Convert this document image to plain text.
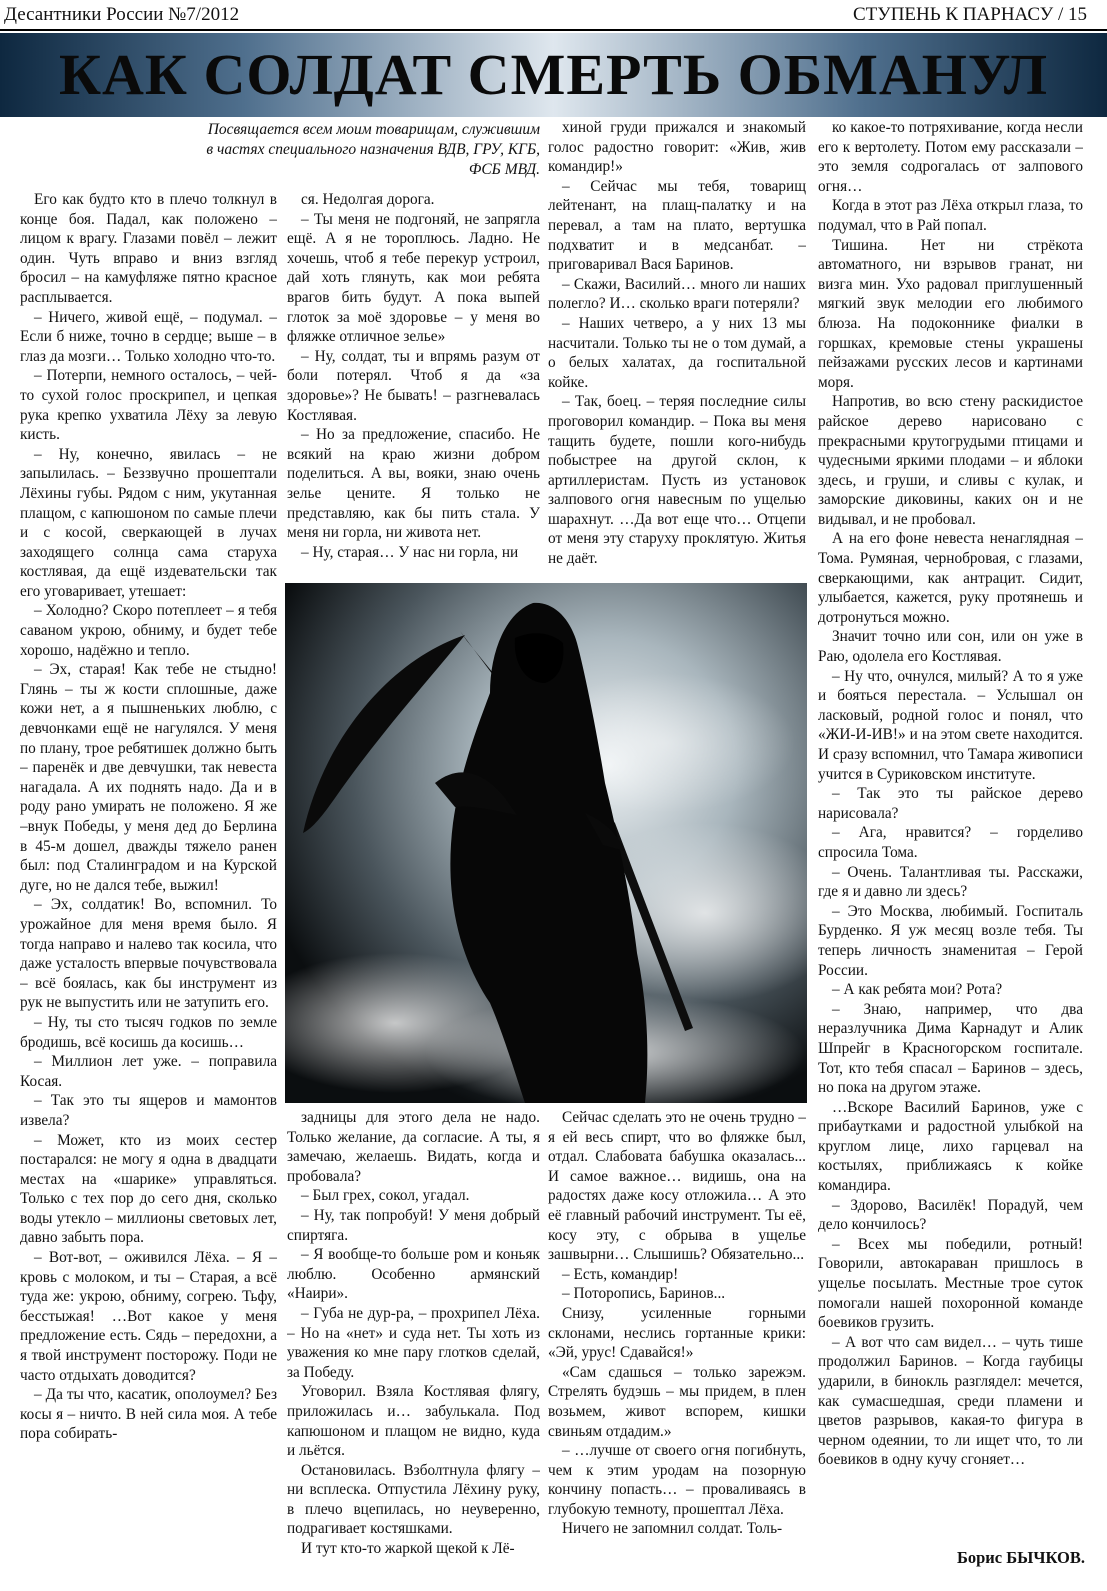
Десантники России №7/2012	СТУПЕНЬ К ПАРНАСУ / 15
КАК СОЛДАТ СМЕРТЬ ОБМАНУЛ
Посвящается всем моим товарищам, служившим в частях специального назначения ВДВ, ГРУ, КГБ, ФСБ МВД.

Его как будто кто в плечо толкнул в конце боя. Падал, как положено – лицом к врагу. Глазами повёл – лежит один. Чуть вправо и вниз взгляд бросил – на камуфляже пятно красное расплывается.

– Ничего, живой ещё, – подумал. – Если б ниже, точно в сердце; выше – в глаз да мозги… Только холодно что-то.

– Потерпи, немного осталось, – чей-то сухой голос проскрипел, и цепкая рука крепко ухватила Лёху за левую кисть.

– Ну, конечно, явилась – не запылилась. – Беззвучно прошептали Лёхины губы. Рядом с ним, укутанная плащом, с капюшоном по самые плечи и с косой, сверкающей в лучах заходящего солнца сама старуха костлявая, да ещё издевательски так его уговаривает, утешает:

– Холодно? Скоро потеплеет – я тебя саваном укрою, обниму, и будет тебе хорошо, надёжно и тепло.

– Эх, старая! Как тебе не стыдно! Глянь – ты ж кости сплошные, даже кожи нет, а я пышненьких люблю, с девчонками ещё не нагулялся. У меня по плану, трое ребятишек должно быть – паренёк и две девчушки, так невеста нагадала. А их поднять надо. Да и в роду рано умирать не положено. Я же –внук Победы, у меня дед до Берлина в 45-м дошел, дважды тяжело ранен был: под Сталинградом и на Курской дуге, но не дался тебе, выжил!

– Эх, солдатик! Во, вспомнил. То урожайное для меня время было. Я тогда направо и налево так косила, что даже усталость впервые почувствовала – всё боялась, как бы инструмент из рук не выпустить или не затупить его.

– Ну, ты сто тысяч годков по земле бродишь, всё косишь да косишь…

– Миллион лет уже. – поправила Косая.

– Так это ты ящеров и мамонтов извела?

– Может, кто из моих сестер постарался: не могу я одна в двадцати местах на «шарике» управляться. Только с тех пор до сего дня, сколько воды утекло – миллионы световых лет, давно забыть пора.

– Вот-вот, – оживился Лёха. – Я – кровь с молоком, и ты – Старая, а всё туда же: укрою, обниму, согрею. Тьфу, бесстыжая! …Вот какое у меня предложение есть. Сядь – передохни, а я твой инструмент посторожу. Поди не часто отдыхать доводится?

– Да ты что, касатик, ополоумел? Без косы я – ничто. В ней сила моя. А тебе пора собирать-

ся. Недолгая дорога.

– Ты меня не подгоняй, не запрягла ещё. А я не тороплюсь. Ладно. Не хочешь, чтоб я тебе перекур устроил, дай хоть глянуть, как мои ребята врагов бить будут. А пока выпей глоток за моё здоровье – у меня во фляжке отличное зелье»

– Ну, солдат, ты и впрямь разум от боли потерял. Чтоб я да «за здоровье»? Не бывать! – разгневалась Костлявая.

– Но за предложение, спасибо. Не всякий на краю жизни добром поделиться. А вы, вояки, знаю очень зелье цените. Я только не представляю, как бы пить стала. У меня ни горла, ни живота нет.

– Ну, старая… У нас ни горла, ни

хиной груди прижался и знакомый голос радостно говорит: «Жив, жив командир!»

– Сейчас мы тебя, товарищ лейтенант, на плащ-палатку и на перевал, а там на плато, вертушка подхватит и в медсанбат. – приговаривал Вася Баринов.

– Скажи, Василий… много ли наших полегло? И… сколько враги потеряли?

– Наших четверо, а у них 13 мы насчитали. Только ты не о том думай, а о белых халатах, да госпитальной койке.

– Так, боец. – теряя последние силы проговорил командир. – Пока вы меня тащить будете, пошли кого-нибудь побыстрее на другой склон, к артиллеристам. Пусть из установок залпового огня навесным по ущелью шарахнут. …Да вот еще что… Отцепи от меня эту старуху проклятую. Житья не даёт.

ко какое-то потряхивание, когда несли его к вертолету. Потом ему рассказали – это земля содрогалась от залпового огня…

Когда в этот раз Лёха открыл глаза, то подумал, что в Рай попал.

Тишина. Нет ни стрёкота автоматного, ни взрывов гранат, ни визга мин. Ухо радовал приглушенный мягкий звук мелодии его любимого блюза. На подоконнике фиалки в горшках, кремовые стены украшены пейзажами русских лесов и картинами моря.

Напротив, во всю стену раскидистое райское дерево нарисовано с прекрасными крутогрудыми птицами и чудесными яркими плодами – и яблоки здесь, и груши, и сливы с кулак, и заморские диковины, каких он и не видывал, и не пробовал.

А на его фоне невеста ненаглядная – Тома. Румяная, чернобровая, с глазами, сверкающими, как антрацит. Сидит, улыбается, кажется, руку протянешь и дотронуться можно.

Значит точно или сон, или он уже в Раю, одолела его Костлявая.

– Ну что, очнулся, милый? А то я уже и бояться перестала. – Услышал он ласковый, родной голос и понял, что «ЖИ-И-ИВ!» и на этом свете находится. И сразу вспомнил, что Тамара живописи учится в Суриковском институте.

– Так это ты райское дерево нарисовала?

– Ага, нравится? – горделиво спросила Тома.

– Очень. Талантливая ты. Расскажи, где я и давно ли здесь?

– Это Москва, любимый. Госпиталь Бурденко. Я уж месяц возле тебя. Ты теперь личность знаменитая – Герой России.

– А как ребята мои? Рота?

– Знаю, например, что два неразлучника Дима Карнадут и Алик Шпрейг в Красногорском госпитале. Тот, кто тебя спасал – Баринов – здесь, но пока на другом этаже.

…Вскоре Василий Баринов, уже с прибаутками и радостной улыбкой на круглом лице, лихо гарцевал на костылях, приближаясь к койке командира.

– Здорово, Василёк! Порадуй, чем дело кончилось?

– Всех мы победили, ротный! Говорили, автокараван пришлось в ущелье посылать. Местные трое суток помогали нашей похоронной команде боевиков грузить.

– А вот что сам видел… – чуть тише продолжил Баринов. – Когда гаубицы ударили, в бинокль разглядел: мечется, как сумасшедшая, среди пламени и цветов разрывов, какая-то фигура в черном одеянии, то ли ищет что, то ли боевиков в одну кучу сгоняет…

задницы для этого дела не надо. Только желание, да согласие. А ты, я замечаю, желаешь. Видать, когда и пробовала?

– Был грех, сокол, угадал.

– Ну, так попробуй! У меня добрый спиртяга.

– Я вообще-то больше ром и коньяк люблю. Особенно армянский «Наири».

– Губа не дур-ра, – прохрипел Лёха. – Но на «нет» и суда нет. Ты хоть из уважения ко мне пару глотков сделай, за Победу.

Уговорил. Взяла Костлявая флягу, приложилась и… забулькала. Под капюшоном и плащом не видно, куда и льётся.

Остановилась. Взболтнула флягу – ни всплеска. Отпустила Лёхину руку, в плечо вцепилась, но неуверенно, подрагивает костяшками.

И тут кто-то жаркой щекой к Лё-

Сейчас сделать это не очень трудно – я ей весь спирт, что во фляжке был, отдал. Слабовата бабушка оказалась... И самое важное… видишь, она на радостях даже косу отложила… А это её главный рабочий инструмент. Ты её, косу эту, с обрыва в ущелье зашвырни… Слышишь? Обязательно...

– Есть, командир!

– Поторопись, Баринов...

Снизу, усиленные горными склонами, неслись гортанные крики: «Эй, урус! Сдавайся!»

«Сам сдашься – только зарежэм. Стрелять будэшь – мы придем, в плен возьмем, живот вспорем, кишки свиньям отдадим.»

– …лучше от своего огня погибнуть, чем к этим уродам на позорную кончину попасть… – проваливаясь в глубокую темноту, прошептал Лёха.

Ничего не запомнил солдат. Толь-

Борис БЫЧКОВ.
